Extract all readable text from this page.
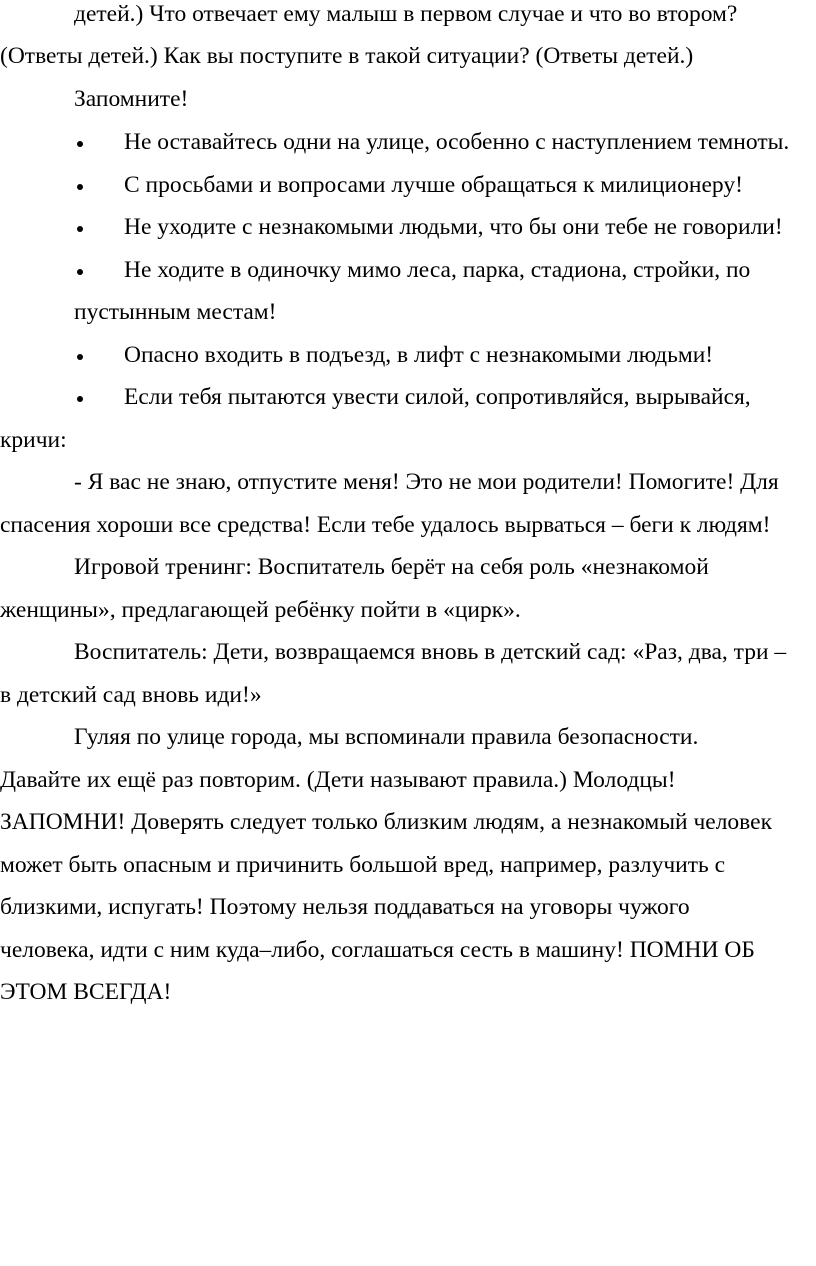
детей.) Что отвечает ему малыш в первом случае и что во втором?
(Ответы детей.) Как вы поступите в такой ситуации? (Ответы детей.)
Запомните!
Не оставайтесь одни на улице, особенно с наступлением темноты.
С просьбами и вопросами лучше обращаться к милиционеру!
Не уходите с незнакомыми людьми, что бы они тебе не говорили!
Не ходите в одиночку мимо леса, парка, стадиона, стройки, по
пустынным местам!
Опасно входить в подъезд, в лифт с незнакомыми людьми!
Если тебя пытаются увести силой, сопротивляйся, вырывайся,
кричи:
- Я вас не знаю, отпустите меня! Это не мои родители! Помогите! Для
спасения хороши все средства! Если тебе удалось вырваться – беги к людям!
Игровой тренинг: Воспитатель берёт на себя роль «незнакомой
женщины», предлагающей ребёнку пойти в «цирк».
Воспитатель: Дети, возвращаемся вновь в детский сад: «Раз, два, три –
в детский сад вновь иди!»
Гуляя по улице города, мы вспоминали правила безопасности.
Давайте их ещё раз повторим. (Дети называют правила.) Молодцы!
ЗАПОМНИ! Доверять следует только близким людям, а незнакомый человек
может быть опасным и причинить большой вред, например, разлучить с
близкими, испугать! Поэтому нельзя поддаваться на уговоры чужого
человека, идти с ним куда–либо, соглашаться сесть в машину! ПОМНИ ОБ
ЭТОМ ВСЕГДА!
